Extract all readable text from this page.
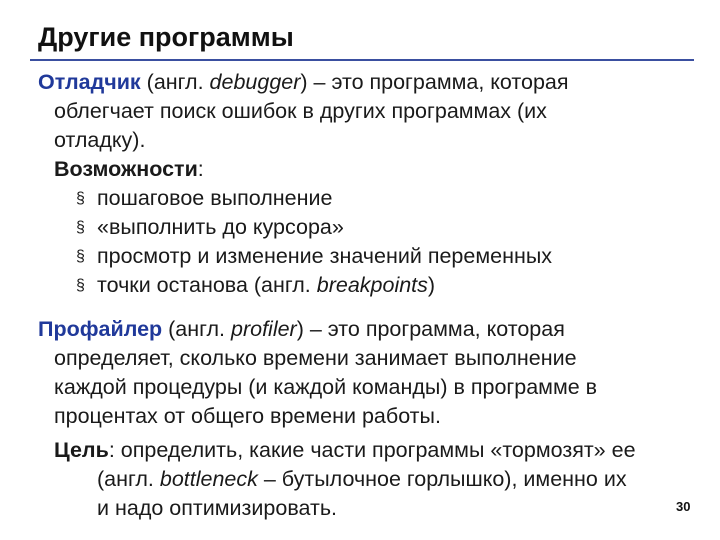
Другие программы
Отладчик (англ. debugger) – это программа, которая
облегчает поиск ошибок в других программах (их
отладку).
Возможности:
§ пошаговое выполнение
§ «выполнить до курсора»
§ просмотр и изменение значений переменных
§ точки останова (англ. breakpoints)
Профайлер (англ. profiler) – это программа, которая
определяет, сколько времени занимает выполнение
каждой процедуры (и каждой команды) в программе в
процентах от общего времени работы.
Цель: определить, какие части программы «тормозят» ее
(англ. bottleneck – бутылочное горлышко), именно их
и надо оптимизировать.	30
